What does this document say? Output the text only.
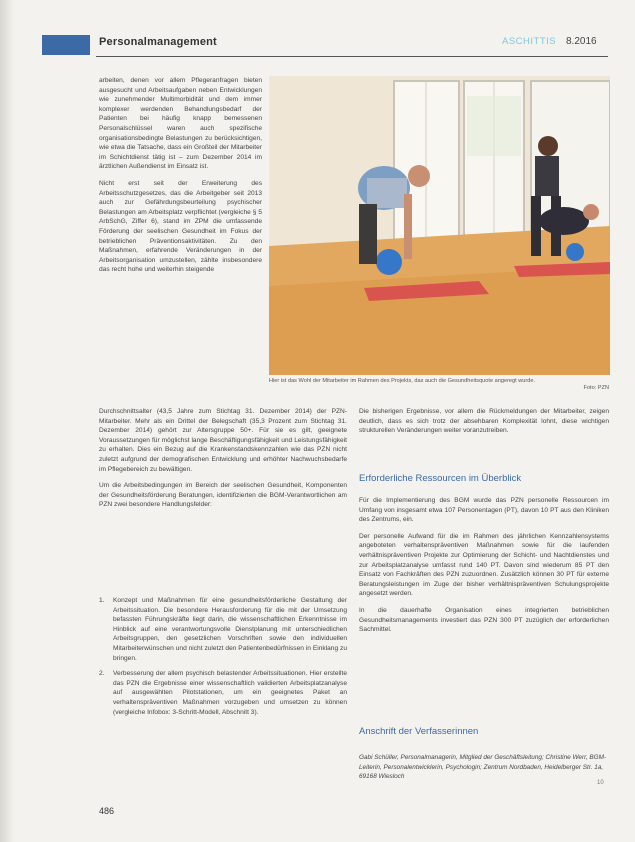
Personalmanagement	ASCHITTIS 8.2016

arbeiten, denen vor allem Pflegeranfragen bieten ausgesucht und Arbeitsaufgaben neben Entwicklungen wie zunehmender Multimorbidität und dem immer komplexer werdenden Behandlungsbedarf der Patienten bei häufig knapp bemessenen Personalschlüssel waren auch spezifische organisationsbedingte Belastungen zu berücksichtigen, wie etwa die Tatsache, dass ein Großteil der Mitarbeiter im Schichtdienst tätig ist – zum Dezember 2014 im ärztlichen Außendienst im Einsatz ist.

Nicht erst seit der Erweiterung des Arbeitsschutzgesetzes, das die Arbeitgeber seit 2013 auch zur Gefährdungsbeurteilung psychischer Belastungen am Arbeitsplatz verpflichtet (vergleiche § 5 ArbSchG, Ziffer 6), stand im ZPM die umfassende Förderung der seelischen Gesundheit im Fokus der betrieblichen Präventionsaktivitäten. Zu den Maßnahmen, erfahrende Veränderungen in der Arbeitsorganisation umzustellen, zählte insbesondere das recht hohe und weiterhin steigende

Hier ist das Wohl der Mitarbeiter im Rahmen des Projekts, das auch die Gesundheitsquote angeregt wurde.
Foto: PZN

Durchschnittsalter (43,5 Jahre zum Stichtag 31. Dezember 2014) der PZN-Mitarbeiter. Mehr als ein Drittel der Belegschaft (35,3 Prozent zum Stichtag 31. Dezember 2014) gehört zur Altersgruppe 50+. Für sie es gilt, geeignete Voraussetzungen für möglichst lange Beschäftigungsfähigkeit und Leistungsfähigkeit zu erhalten. Dies ein Bezug auf die Krankenstandskennzahlen wie das PZN nicht zuletzt aufgrund der demografischen Entwicklung und erhöhter Nachwuchsbedarfe im Pflegebereich zu bewältigen.

Um die Arbeitsbedingungen im Bereich der seelischen Gesundheit, Komponenten der Gesundheitsförderung Beratungen, identifizierten die BGM-Verantwortlichen am PZN zwei besondere Handlungsfelder:

1. Konzept und Maßnahmen für eine gesundheitsförderliche Gestaltung der Arbeitssituation. Die besondere Herausforderung für die mit der Umsetzung befassten Führungskräfte liegt darin, die wissenschaftlichen Erkenntnisse im Hinblick auf eine verantwortungsvolle Dienstplanung mit unterschiedlichen Arbeitsgruppen, den gesetzlichen Vorschriften sowie den individuellen Mitarbeiterwünschen und nicht zuletzt den Patientenbedürfnissen in Einklang zu bringen.
2. Verbesserung der allem psychisch belastender Arbeitssituationen. Hier erstellte das PZN die Ergebnisse einer wissenschaftlich validierten Arbeitsplatzanalyse auf ausgewählten Pilotstationen, um ein geeignetes Paket an verhaltenspräventiven Maßnahmen vorzugeben und umsetzen zu können (vergleiche Infobox: 3-Schritt-Modell, Abschnitt 3).

Die bisherigen Ergebnisse, vor allem die Rückmeldungen der Mitarbeiter, zeigen deutlich, dass es sich trotz der absehbaren Komplexität lohnt, diese wichtigen strukturellen Veränderungen weiter voranzutreiben.

Erforderliche Ressourcen im Überblick

Für die Implementierung des BGM wurde das PZN personelle Ressourcen im Umfang von insgesamt etwa 107 Personentagen (PT), davon 10 PT aus den Kliniken des Zentrums, ein.

Der personelle Aufwand für die im Rahmen des jährlichen Kennzahlensystems angeboteten verhaltenspräventiven Maßnahmen sowie für die laufenden verhältnispräventiven Projekte zur Optimierung der Schicht- und Nachtdienstes und zur Arbeitsplatzanalyse umfasst rund 140 PT. Davon sind wiederum 85 PT den Einsatz von Fachkräften des PZN zuzuordnen. Zusätzlich können 30 PT für externe Beratungsleistungen im Zuge der bisher verhältnispräventiven Schulungsprojekte angesetzt werden.

In die dauerhafte Organisation eines integrierten betrieblichen Gesundheitsmanagements investiert das PZN 300 PT zuzüglich der erforderlichen Sachmittel.

Anschrift der Verfasserinnen
Gabi Schüller, Personalmanagerin, Mitglied der Geschäftsleitung; Christine Werr, BGM-Leiterin, Personalentwicklerin, Psychologin; Zentrum Nordbaden, Heidelberger Str. 1a, 69168 Wiesloch
486
10
